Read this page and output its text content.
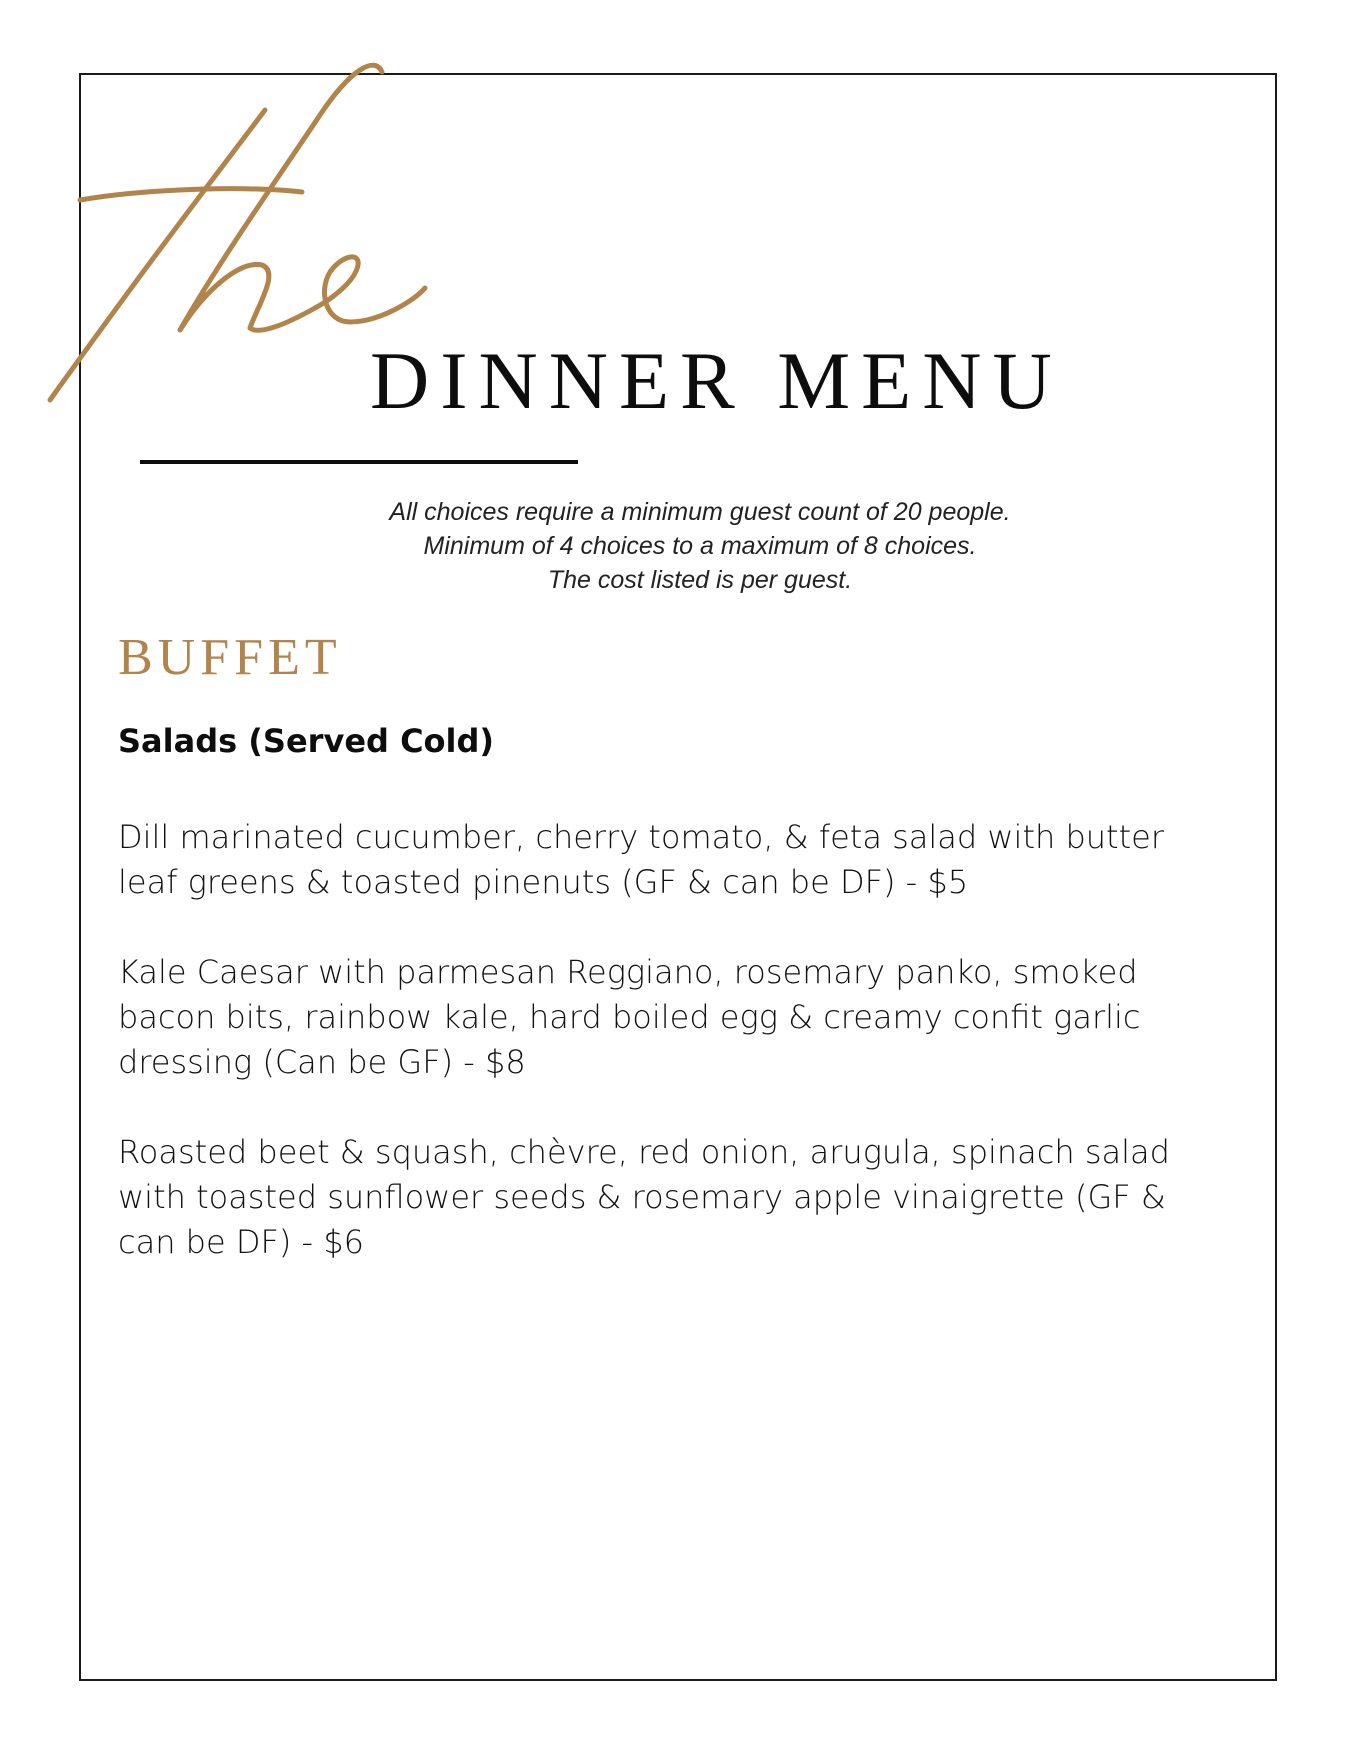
DINNER MENU
All choices require a minimum guest count of 20 people.
Minimum of 4 choices to a maximum of 8 choices.
The cost listed is per guest.
BUFFET
Salads (Served Cold)
Dill marinated cucumber, cherry tomato, & feta salad with butter leaf greens & toasted pinenuts (GF & can be DF) - $5
Kale Caesar with parmesan Reggiano, rosemary panko, smoked bacon bits, rainbow kale, hard boiled egg & creamy confit garlic dressing (Can be GF) - $8
Roasted beet & squash, chèvre, red onion, arugula, spinach salad with toasted sunflower seeds & rosemary apple vinaigrette (GF & can be DF) - $6
